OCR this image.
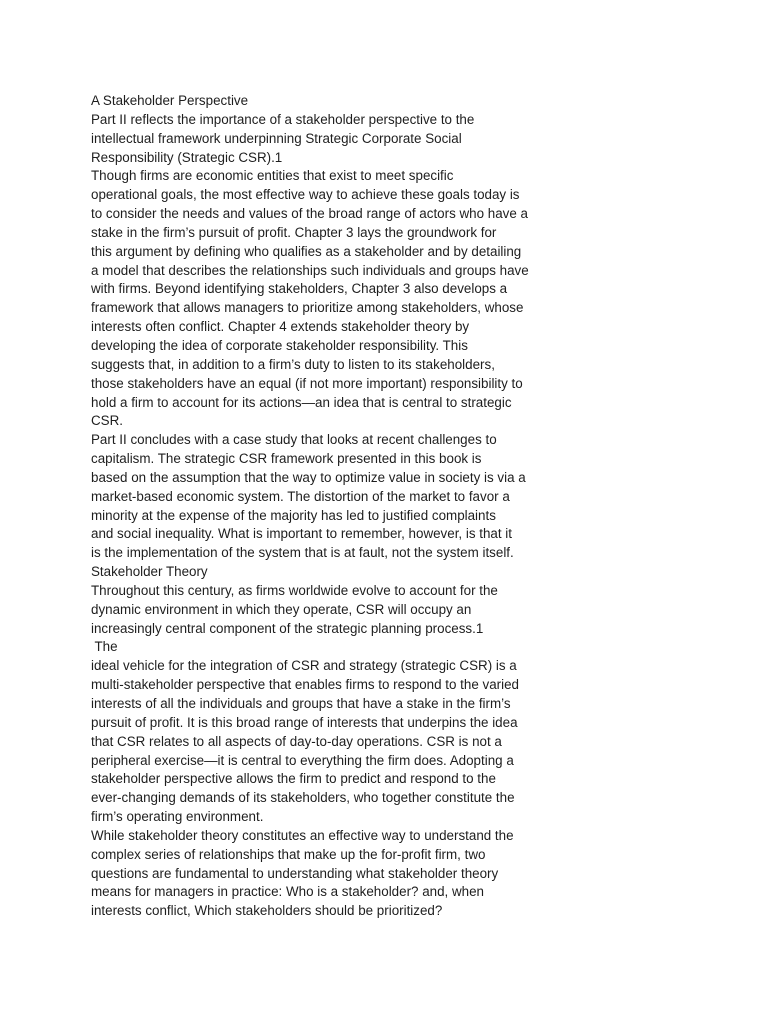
A Stakeholder Perspective
Part II reflects the importance of a stakeholder perspective to the
intellectual framework underpinning Strategic Corporate Social
Responsibility (Strategic CSR).1
Though firms are economic entities that exist to meet specific
operational goals, the most effective way to achieve these goals today is
to consider the needs and values of the broad range of actors who have a
stake in the firm’s pursuit of profit. Chapter 3 lays the groundwork for
this argument by defining who qualifies as a stakeholder and by detailing
a model that describes the relationships such individuals and groups have
with firms. Beyond identifying stakeholders, Chapter 3 also develops a
framework that allows managers to prioritize among stakeholders, whose
interests often conflict. Chapter 4 extends stakeholder theory by
developing the idea of corporate stakeholder responsibility. This
suggests that, in addition to a firm’s duty to listen to its stakeholders,
those stakeholders have an equal (if not more important) responsibility to
hold a firm to account for its actions—an idea that is central to strategic
CSR.
Part II concludes with a case study that looks at recent challenges to
capitalism. The strategic CSR framework presented in this book is
based on the assumption that the way to optimize value in society is via a
market-based economic system. The distortion of the market to favor a
minority at the expense of the majority has led to justified complaints
and social inequality. What is important to remember, however, is that it
is the implementation of the system that is at fault, not the system itself.
Stakeholder Theory
Throughout this century, as firms worldwide evolve to account for the
dynamic environment in which they operate, CSR will occupy an
increasingly central component of the strategic planning process.1
The
ideal vehicle for the integration of CSR and strategy (strategic CSR) is a
multi-stakeholder perspective that enables firms to respond to the varied
interests of all the individuals and groups that have a stake in the firm’s
pursuit of profit. It is this broad range of interests that underpins the idea
that CSR relates to all aspects of day-to-day operations. CSR is not a
peripheral exercise—it is central to everything the firm does. Adopting a
stakeholder perspective allows the firm to predict and respond to the
ever-changing demands of its stakeholders, who together constitute the
firm’s operating environment.
While stakeholder theory constitutes an effective way to understand the
complex series of relationships that make up the for-profit firm, two
questions are fundamental to understanding what stakeholder theory
means for managers in practice: Who is a stakeholder? and, when
interests conflict, Which stakeholders should be prioritized?
